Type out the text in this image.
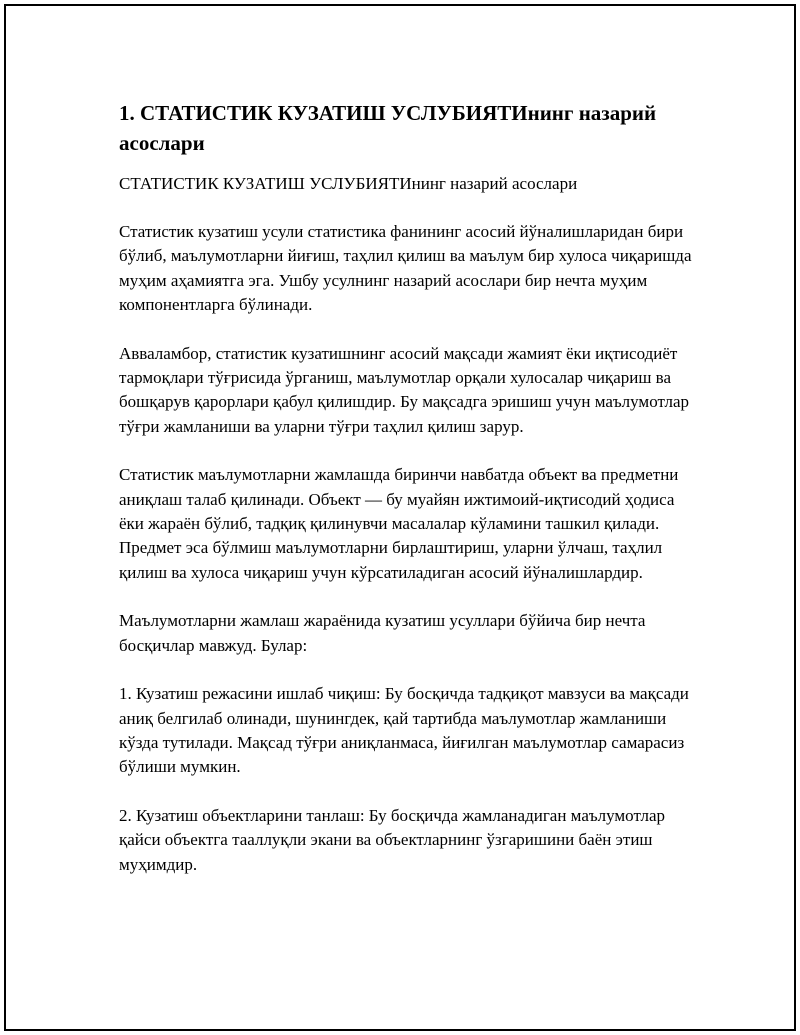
1. СТАТИСТИК КУЗАТИШ УСЛУБИЯТИнинг назарий асослари

СТАТИСТИК КУЗАТИШ УСЛУБИЯТИнинг назарий асослари

Статистик кузатиш усули статистика фанининг асосий йўналишларидан бири бўлиб, маълумотларни йиғиш, таҳлил қилиш ва маълум бир хулоса чиқаришда муҳим аҳамиятга эга. Ушбу усулнинг назарий асослари бир нечта муҳим компонентларга бўлинади.

Авваламбор, статистик кузатишнинг асосий мақсади жамият ёки иқтисодиёт тармоқлари тўғрисида ўрганиш, маълумотлар орқали хулосалар чиқариш ва бошқарув қарорлари қабул қилишдир. Бу мақсадга эришиш учун маълумотлар тўғри жамланиши ва уларни тўғри таҳлил қилиш зарур.

Статистик маълумотларни жамлашда биринчи навбатда объект ва предметни аниқлаш талаб қилинади. Объект — бу муайян ижтимоий-иқтисодий ҳодиса ёки жараён бўлиб, тадқиқ қилинувчи масалалар кўламини ташкил қилади. Предмет эса бўлмиш маълумотларни бирлаштириш, уларни ўлчаш, таҳлил қилиш ва хулоса чиқариш учун кўрсатиладиган асосий йўналишлардир.

Маълумотларни жамлаш жараёнида кузатиш усуллари бўйича бир нечта босқичлар мавжуд. Булар:

1. Кузатиш режасини ишлаб чиқиш: Бу босқичда тадқиқот мавзуси ва мақсади аниқ белгилаб олинади, шунингдек, қай тартибда маълумотлар жамланиши кўзда тутилади. Мақсад тўғри аниқланмаса, йиғилган маълумотлар самарасиз бўлиши мумкин.

2. Кузатиш объектларини танлаш: Бу босқичда жамланадиган маълумотлар қайси объектга тааллуқли экани ва объектларнинг ўзгаришини баён этиш муҳимдир.
